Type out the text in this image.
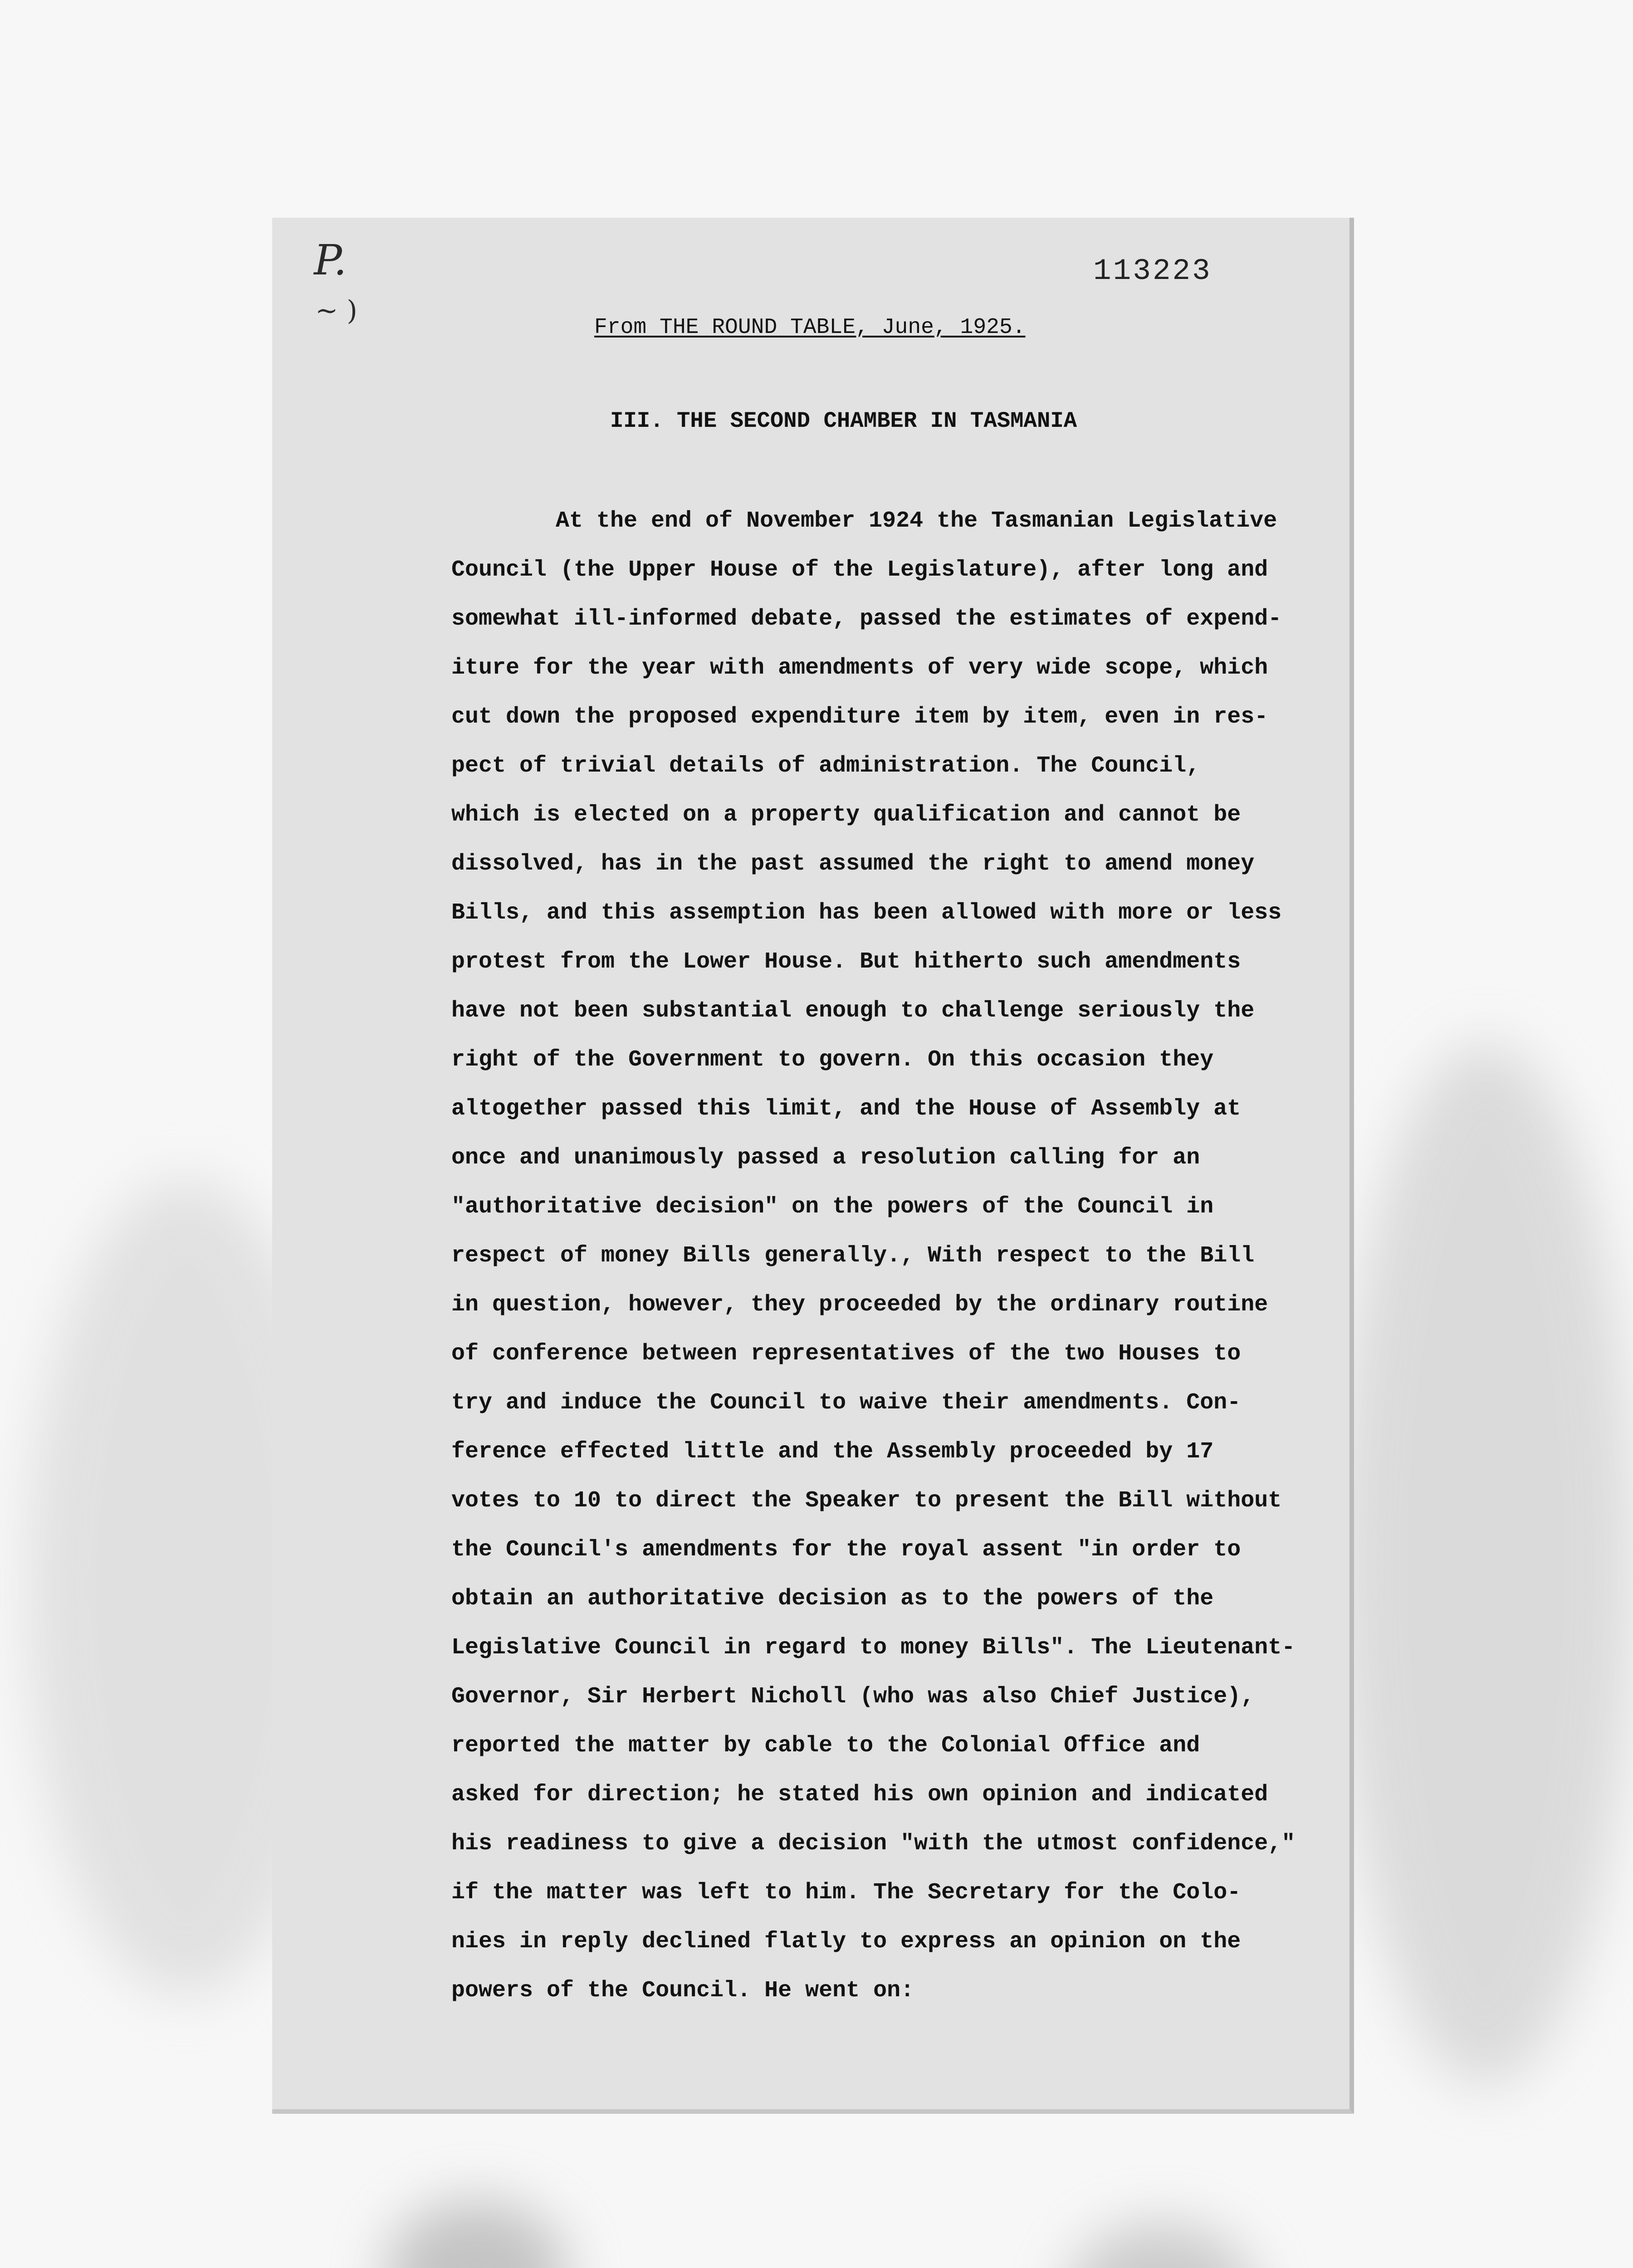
P.
~ )
113223
From THE ROUND TABLE, June, 1925.
III. THE SECOND CHAMBER IN TASMANIA
At the end of November 1924 the Tasmanian Legislative
Council (the Upper House of the Legislature), after long and
somewhat ill-informed debate, passed the estimates of expend-
iture for the year with amendments of very wide scope, which
cut down the proposed expenditure item by item, even in res-
pect of trivial details of administration. The Council,
which is elected on a property qualification and cannot be
dissolved, has in the past assumed the right to amend money
Bills, and this assemption has been allowed with more or less
protest from the Lower House. But hitherto such amendments
have not been substantial enough to challenge seriously the
right of the Government to govern. On this occasion they
altogether passed this limit, and the House of Assembly at
once and unanimously passed a resolution calling for an
"authoritative decision" on the powers of the Council in
respect of money Bills generally., With respect to the Bill
in question, however, they proceeded by the ordinary routine
of conference between representatives of the two Houses to
try and induce the Council to waive their amendments. Con-
ference effected little and the Assembly proceeded by 17
votes to 10 to direct the Speaker to present the Bill without
the Council's amendments for the royal assent "in order to
obtain an authoritative decision as to the powers of the
Legislative Council in regard to money Bills". The Lieutenant-
Governor, Sir Herbert Nicholl (who was also Chief Justice),
reported the matter by cable to the Colonial Office and
asked for direction; he stated his own opinion and indicated
his readiness to give a decision "with the utmost confidence,"
if the matter was left to him. The Secretary for the Colo-
nies in reply declined flatly to express an opinion on the
powers of the Council. He went on:
